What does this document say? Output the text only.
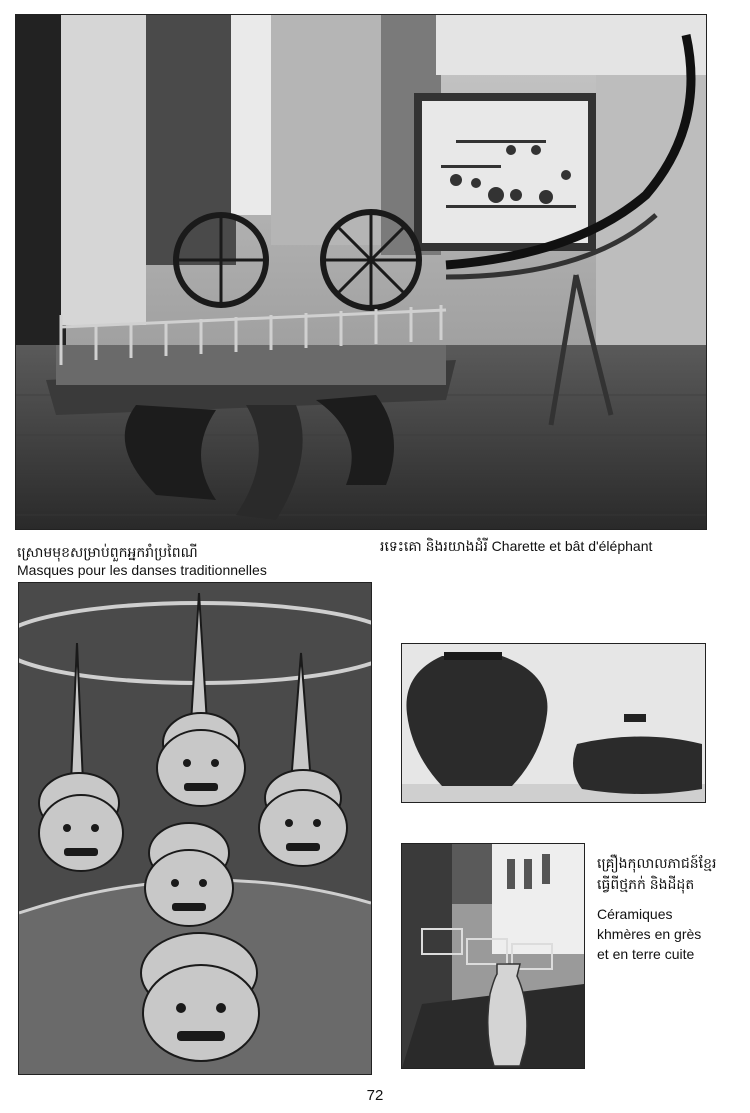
រទេះគោ និងរយាងដំរី Charette et bât d'éléphant
ស្រោមមុខសម្រាប់ពួកអ្នករាំប្រពៃណី
Masques pour les danses traditionnelles
គ្រឿងកុលាលភាជន៍ខ្មែរ
ធ្វើពីថ្មភក់ និងដីដុត
Céramiques
khmères en grès
et en terre cuite
72
